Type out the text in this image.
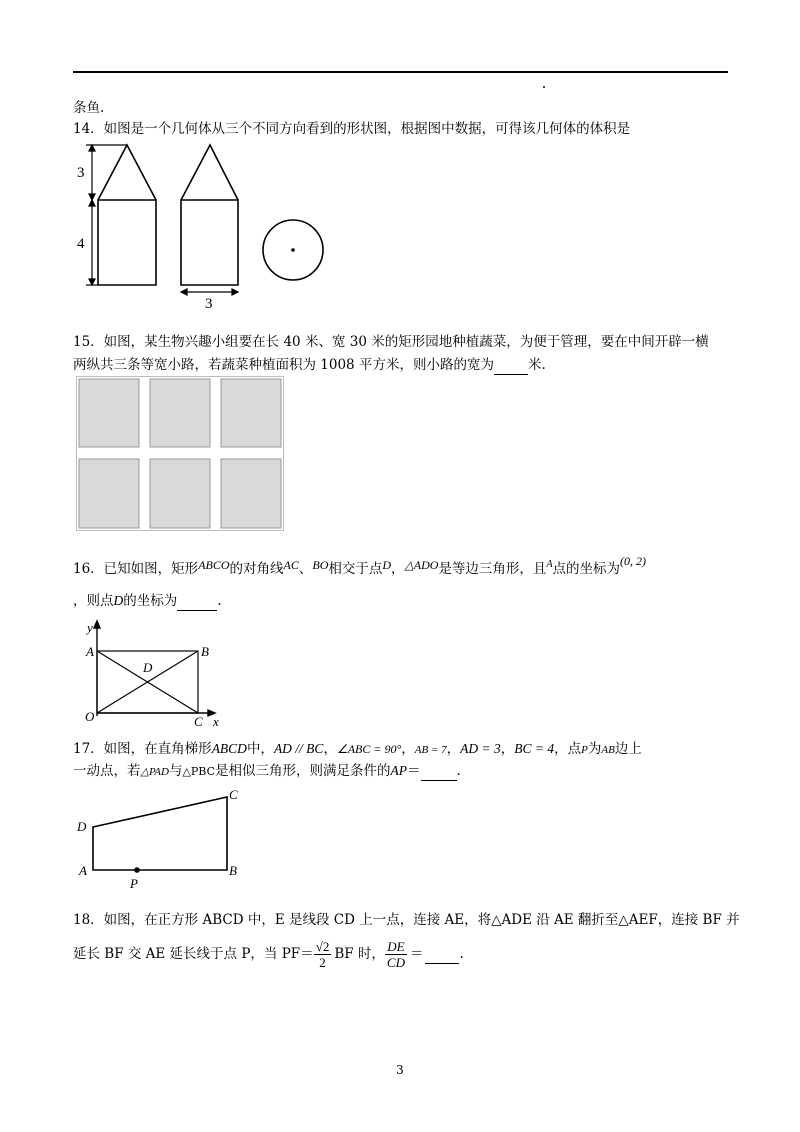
条鱼.
14．如图是一个几何体从三个不同方向看到的形状图，根据图中数据，可得该几何体的体积是
3
4
3
15．如图，某生物兴趣小组要在长 40 米、宽 30 米的矩形园地种植蔬菜，为便于管理，要在中间开辟一横
两纵共三条等宽小路，若蔬菜种植面积为 1008 平方米，则小路的宽为	米.
16．已知如图，矩形ABCO的对角线AC、BO相交于点D，△ADO是等边三角形，且$^A$点的坐标为(0, 2)
，则点D的坐标为	.
y
A	B
D
O	C x
17．如图，在直角梯形ABCD中，AD // BC，∠ABC = 90°，AB = 7，AD = 3，BC = 4，点P为AB边上
一动点，若△PAD与△PBC是相似三角形，则满足条件的AP＝	.
C
D
A
P
B
18．如图，在正方形 ABCD 中，E 是线段 CD 上一点，连接 AE，将△ADE 沿 AE 翻折至△AEF，连接 BF 并
延长 BF 交 AE 延长线于点 P，当 $PF= \frac{√2}{2}$ BF 时， $\frac{DE}{CD}$ ＝
	.
3
